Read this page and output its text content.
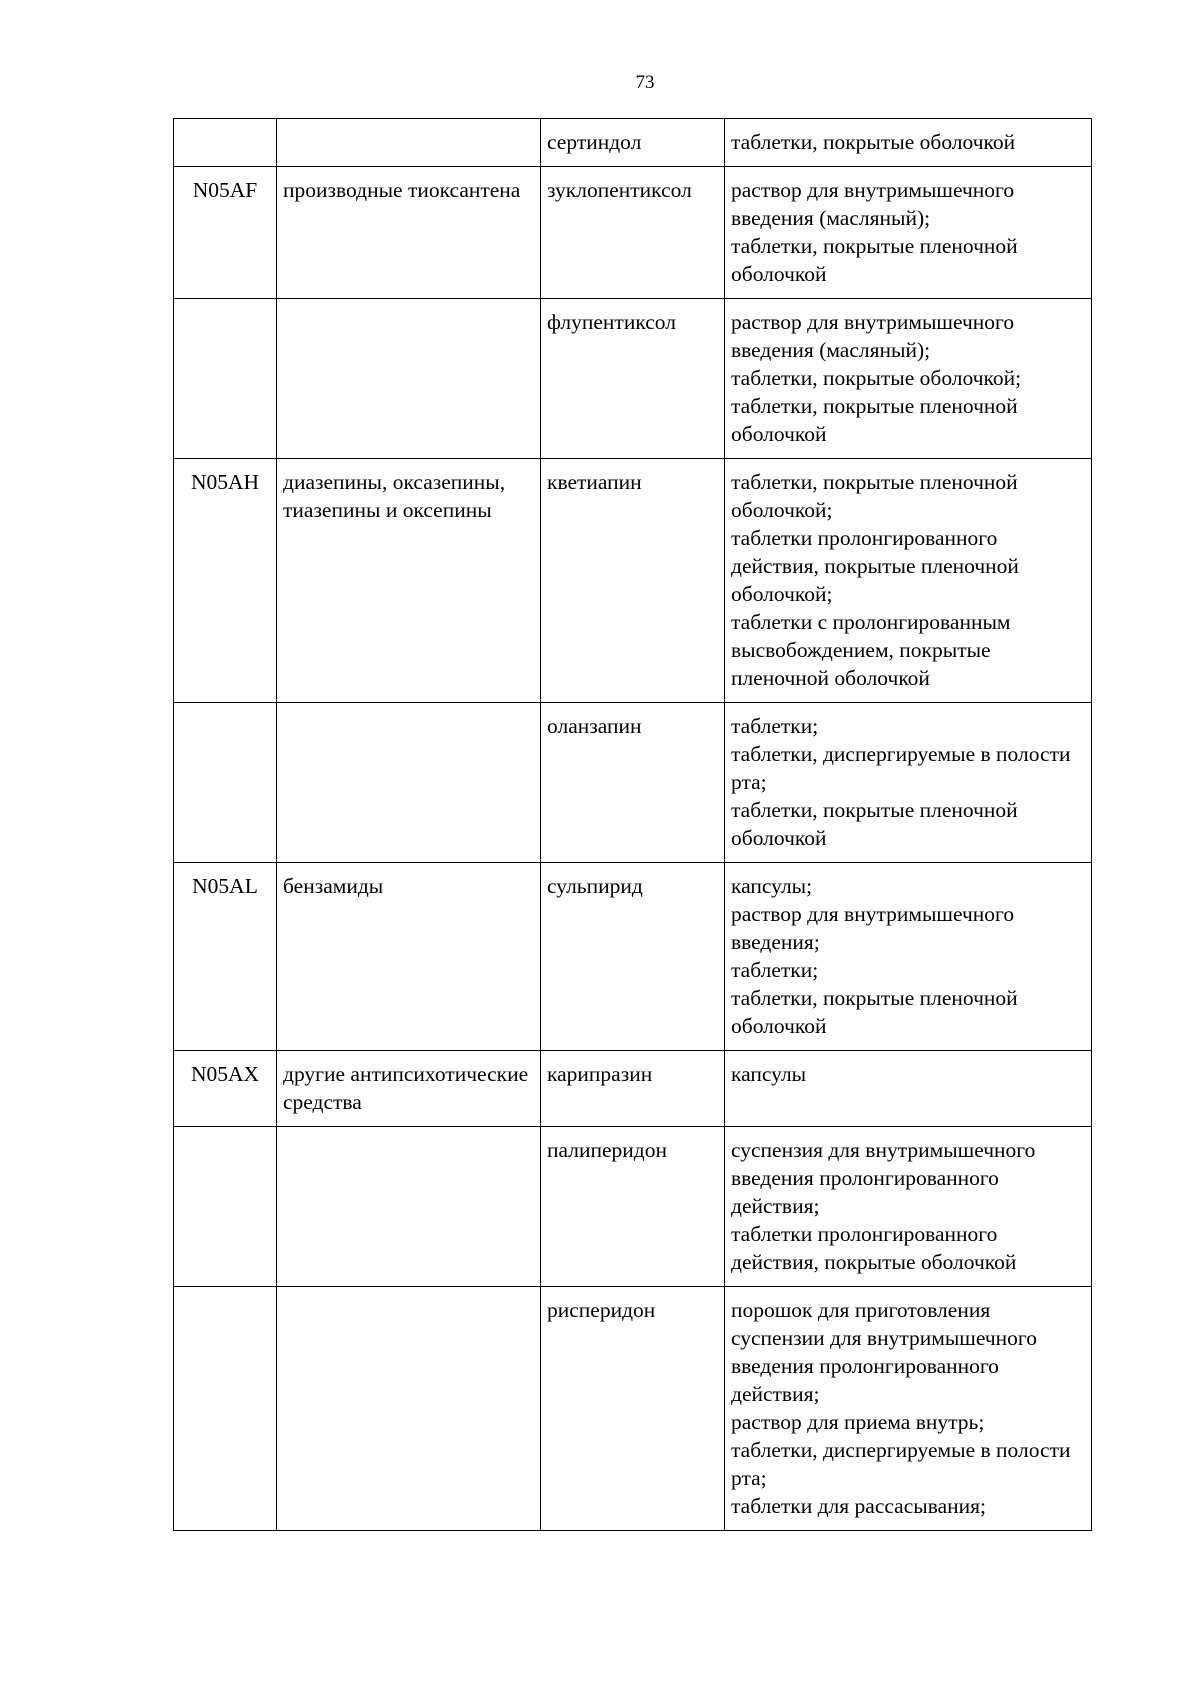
73
		сертиндол	таблетки, покрытые оболочкой

N05AF	производные тиоксантена	зуклопентиксол	раствор для внутримышечного введения (масляный);
таблетки, покрытые пленочной оболочкой

		флупентиксол	раствор для внутримышечного введения (масляный);
таблетки, покрытые оболочкой;
таблетки, покрытые пленочной оболочкой

N05AH	диазепины, оксазепины, тиазепины и оксепины	кветиапин	таблетки, покрытые пленочной оболочкой;
таблетки пролонгированного действия, покрытые пленочной оболочкой;
таблетки с пролонгированным высвобождением, покрытые пленочной оболочкой

		оланзапин	таблетки;
таблетки, диспергируемые в полости рта;
таблетки, покрытые пленочной оболочкой

N05AL	бензамиды	сульпирид	капсулы;
раствор для внутримышечного введения;
таблетки;
таблетки, покрытые пленочной оболочкой

N05AX	другие антипсихотические средства	карипразин	капсулы

		палиперидон	суспензия для внутримышечного введения пролонгированного действия;
таблетки пролонгированного действия, покрытые оболочкой

		рисперидон	порошок для приготовления суспензии для внутримышечного введения пролонгированного действия;
раствор для приема внутрь;
таблетки, диспергируемые в полости рта;
таблетки для рассасывания;
